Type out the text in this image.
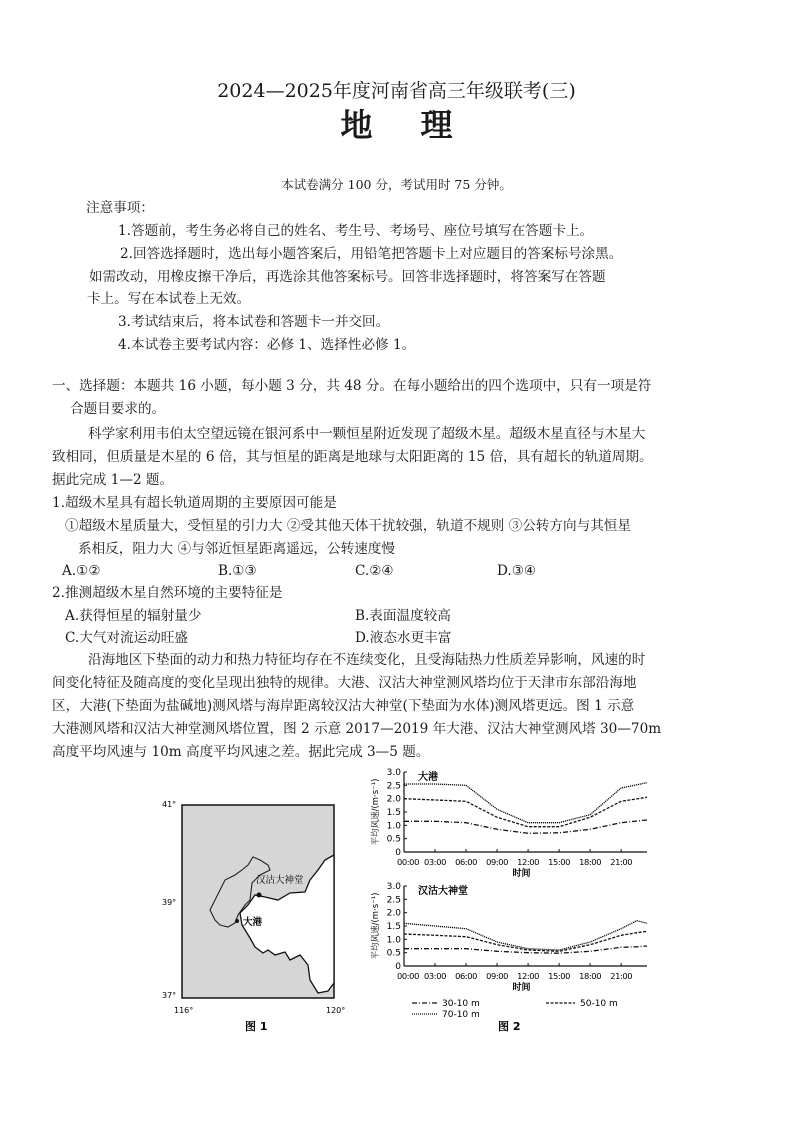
2024—2025年度河南省高三年级联考(三)
地理
本试卷满分 100 分，考试用时 75 分钟。
注意事项：
1.答题前，考生务必将自己的姓名、考生号、考场号、座位号填写在答题卡上。
2.回答选择题时，选出每小题答案后，用铅笔把答题卡上对应题目的答案标号涂黑。
如需改动，用橡皮擦干净后，再选涂其他答案标号。回答非选择题时，将答案写在答题
卡上。写在本试卷上无效。
3.考试结束后，将本试卷和答题卡一并交回。
4.本试卷主要考试内容：必修 1、选择性必修 1。
一、选择题：本题共 16 小题，每小题 3 分，共 48 分。在每小题给出的四个选项中，只有一项是符
合题目要求的。
科学家利用韦伯太空望远镜在银河系中一颗恒星附近发现了超级木星。超级木星直径与木星大
致相同，但质量是木星的 6 倍，其与恒星的距离是地球与太阳距离的 15 倍，具有超长的轨道周期。
据此完成 1—2 题。
1.超级木星具有超长轨道周期的主要原因可能是
①超级木星质量大，受恒星的引力大 ②受其他天体干扰较强，轨道不规则 ③公转方向与其恒星
系相反，阻力大 ④与邻近恒星距离遥远，公转速度慢
A.①②	B.①③	C.②④	D.③④
2.推测超级木星自然环境的主要特征是
A.获得恒星的辐射量少	B.表面温度较高
C.大气对流运动旺盛	D.液态水更丰富
沿海地区下垫面的动力和热力特征均存在不连续变化，且受海陆热力性质差异影响，风速的时
间变化特征及随高度的变化呈现出独特的规律。大港、汉沽大神堂测风塔均位于天津市东部沿海地
区，大港(下垫面为盐碱地)测风塔与海岸距离较汉沽大神堂(下垫面为水体)测风塔更远。图 1 示意
大港测风塔和汉沽大神堂测风塔位置，图 2 示意 2017—2019 年大港、汉沽大神堂测风塔 30—70m
高度平均风速与 10m 高度平均风速之差。据此完成 3—5 题。
汉沽大神堂
大港
41°
39°
37°
116°	120°
图 1
3.0
2.5
2.0
1.5
1.0
0.5
0
00:00 03:00 06:00 09:00 12:00 15:00 18:00 21:00
时间
大港
平均风速/(m·s⁻¹)
3.0
2.5
2.0
1.5
1.0
0.5
0
00:00 03:00 06:00 09:00 12:00 15:00 18:00 21:00
时间
汉沽大神堂
平均风速/(m·s⁻¹)
30-10 m	50-10 m
70-10 m
图 2
